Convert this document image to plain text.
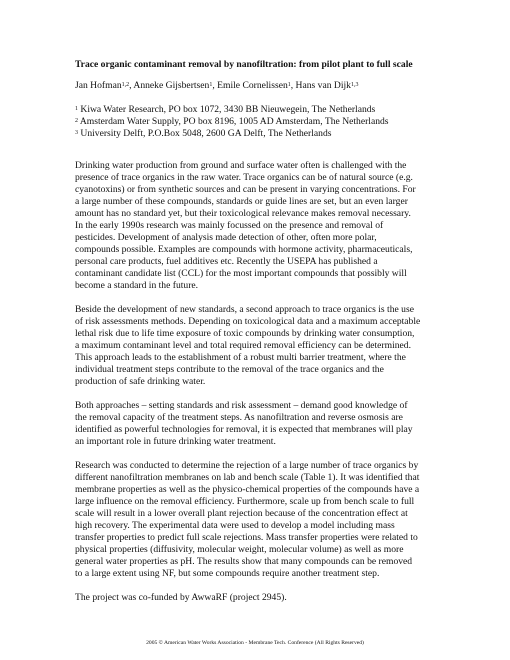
Trace organic contaminant removal by nanofiltration: from pilot plant to full scale
Jan Hofman$^{1,2}$, Anneke Gijsbertsen$^1$, Emile Cornelissen$^1$, Hans van Dijk$^{1,3}$
$^1$ Kiwa Water Research, PO box 1072, 3430 BB Nieuwegein, The Netherlands
$^2$ Amsterdam Water Supply, PO box 8196, 1005 AD Amsterdam, The Netherlands
$^3$ University Delft, P.O.Box 5048, 2600 GA Delft, The Netherlands
Drinking water production from ground and surface water often is challenged with the
presence of trace organics in the raw water. Trace organics can be of natural source (e.g.
cyanotoxins) or from synthetic sources and can be present in varying concentrations. For
a large number of these compounds, standards or guide lines are set, but an even larger
amount has no standard yet, but their toxicological relevance makes removal necessary.
In the early 1990s research was mainly focussed on the presence and removal of
pesticides. Development of analysis made detection of other, often more polar,
compounds possible. Examples are compounds with hormone activity, pharmaceuticals,
personal care products, fuel additives etc. Recently the USEPA has published a
contaminant candidate list (CCL) for the most important compounds that possibly will
become a standard in the future.
Beside the development of new standards, a second approach to trace organics is the use
of risk assessments methods. Depending on toxicological data and a maximum acceptable
lethal risk due to life time exposure of toxic compounds by drinking water consumption,
a maximum contaminant level and total required removal efficiency can be determined.
This approach leads to the establishment of a robust multi barrier treatment, where the
individual treatment steps contribute to the removal of the trace organics and the
production of safe drinking water.
Both approaches – setting standards and risk assessment – demand good knowledge of
the removal capacity of the treatment steps. As nanofiltration and reverse osmosis are
identified as powerful technologies for removal, it is expected that membranes will play
an important role in future drinking water treatment.
Research was conducted to determine the rejection of a large number of trace organics by
different nanofiltration membranes on lab and bench scale (Table 1). It was identified that
membrane properties as well as the physico-chemical properties of the compounds have a
large influence on the removal efficiency. Furthermore, scale up from bench scale to full
scale will result in a lower overall plant rejection because of the concentration effect at
high recovery. The experimental data were used to develop a model including mass
transfer properties to predict full scale rejections. Mass transfer properties were related to
physical properties (diffusivity, molecular weight, molecular volume) as well as more
general water properties as pH. The results show that many compounds can be removed
to a large extent using NF, but some compounds require another treatment step.
The project was co-funded by AwwaRF (project 2945).
2005 © American Water Works Association - Membrane Tech. Conference (All Rights Reserved)
